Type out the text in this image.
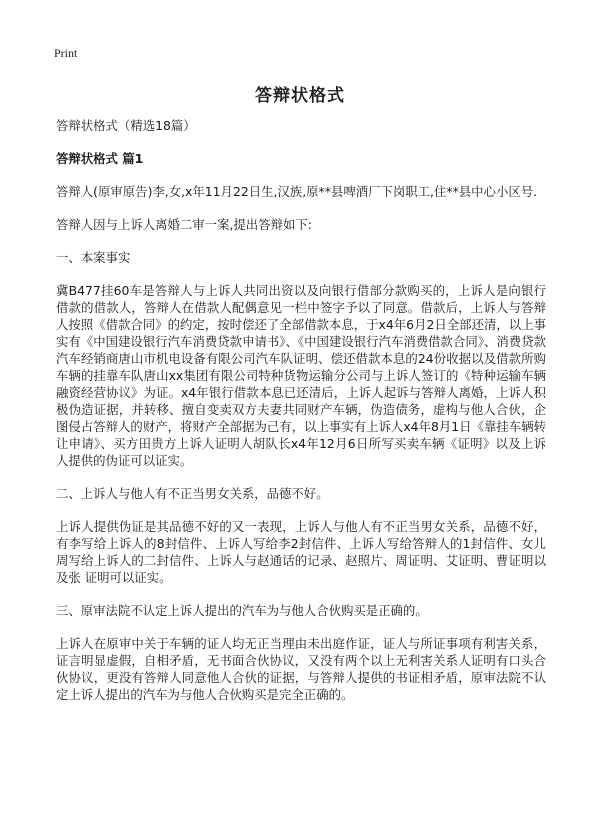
Print
答辩状格式

答辩状格式（精选18篇）

答辩状格式 篇1

答辩人(原审原告)李,女,x年11月22日生,汉族,原**县啤酒厂下岗职工,住**县中心小区号.

答辩人因与上诉人离婚二审一案,提出答辩如下:

一、本案事实

冀B477挂60车是答辩人与上诉人共同出资以及向银行借部分款购买的，上诉人是向银行借款的借款人，答辩人在借款人配偶意见一栏中签字予以了同意。借款后，上诉人与答辩人按照《借款合同》的约定，按时偿还了全部借款本息，于x4年6月2日全部还清，以上事实有《中国建设银行汽车消费贷款申请书》、《中国建设银行汽车消费借款合同》、消费贷款汽车经销商唐山市机电设备有限公司汽车队证明、偿还借款本息的24份收据以及借款所购车辆的挂靠车队唐山xx集团有限公司特种货物运输分公司与上诉人签订的《特种运输车辆融资经营协议》为证。x4年银行借款本息已还清后，上诉人起诉与答辩人离婚，上诉人积极伪造证据，并转移、擅自变卖双方夫妻共同财产车辆，伪造债务，虚构与他人合伙，企图侵占答辩人的财产，将财产全部据为己有，以上事实有上诉人x4年8月1日《靠挂车辆转让申请》、买方田贵方上诉人证明人胡队长x4年12月6日所写买卖车辆《证明》以及上诉人提供的伪证可以证实。

二、上诉人与他人有不正当男女关系，品德不好。

上诉人提供伪证是其品德不好的又一表现，上诉人与他人有不正当男女关系，品德不好，有李写给上诉人的8封信件、上诉人写给李2封信件、上诉人写给答辩人的1封信件、女儿周写给上诉人的二封信件、上诉人与赵通话的记录、赵照片、周证明、艾证明、曹证明以及张 证明可以证实。

三、原审法院不认定上诉人提出的汽车为与他人合伙购买是正确的。

上诉人在原审中关于车辆的证人均无正当理由未出庭作证，证人与所证事项有利害关系，证言明显虚假，自相矛盾，无书面合伙协议，又没有两个以上无利害关系人证明有口头合伙协议，更没有答辩人同意他人合伙的证据，与答辩人提供的书证相矛盾，原审法院不认定上诉人提出的汽车为与他人合伙购买是完全正确的。
